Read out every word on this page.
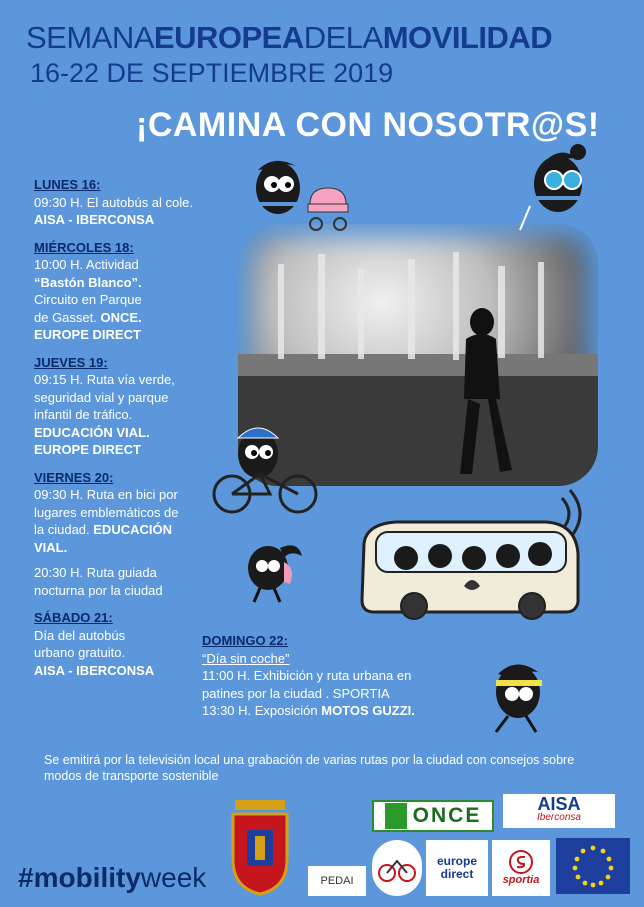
SEMANAEUROPEADELAMOVILIDAD
16-22 DE SEPTIEMBRE 2019
¡CAMINA CON NOSOTR@S!
LUNES 16:
09:30 H. El autobús al cole.
AISA - IBERCONSA
MIÉRCOLES 18:
10:00 H. Actividad
“Bastón Blanco”.
Circuito en Parque
de Gasset. ONCE.
EUROPE DIRECT
JUEVES 19:
09:15 H. Ruta vía verde,
seguridad vial y parque
infantil de tráfico.
EDUCACIÓN VIAL.
EUROPE DIRECT
VIERNES 20:
09:30 H. Ruta en bici por
lugares emblemáticos de
la ciudad. EDUCACIÓN
VIAL.
20:30 H. Ruta guiada
nocturna por la ciudad
SÁBADO 21:
Día del autobús
urbano gratuito.
AISA - IBERCONSA
DOMINGO 22:
“Día sin coche”
11:00 H. Exhibición y ruta urbana en
patines por la ciudad . SPORTIA
13:30 H. Exposición MOTOS GUZZI.
Se emitirá por la televisión local una grabación de varias rutas por la ciudad con consejos sobre modos de transporte sostenible
#mobilityweek
ONCE	AISA
Iberconsa
PEDAI
europe
direct	sportia
